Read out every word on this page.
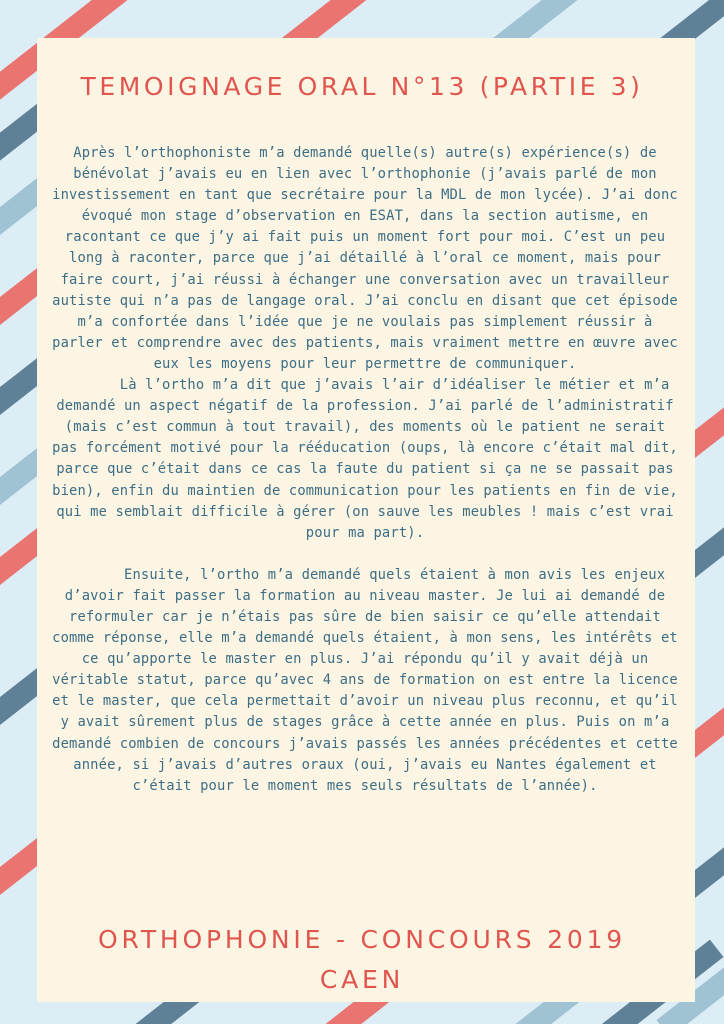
TEMOIGNAGE ORAL N°13 (PARTIE 3)

Après l’orthophoniste m’a demandé quelle(s) autre(s) expérience(s) de bénévolat j’avais eu en lien avec l’orthophonie (j’avais parlé de mon investissement en tant que secrétaire pour la MDL de mon lycée). J’ai donc évoqué mon stage d’observation en ESAT, dans la section autisme, en racontant ce que j’y ai fait puis un moment fort pour moi. C’est un peu long à raconter, parce que j’ai détaillé à l’oral ce moment, mais pour faire court, j’ai réussi à échanger une conversation avec un travailleur autiste qui n’a pas de langage oral. J’ai conclu en disant que cet épisode m’a confortée dans l’idée que je ne voulais pas simplement réussir à parler et comprendre avec des patients, mais vraiment mettre en œuvre avec eux les moyens pour leur permettre de communiquer.

Là l’ortho m’a dit que j’avais l’air d’idéaliser le métier et m’a demandé un aspect négatif de la profession. J’ai parlé de l’administratif (mais c’est commun à tout travail), des moments où le patient ne serait pas forcément motivé pour la rééducation (oups, là encore c’était mal dit, parce que c’était dans ce cas la faute du patient si ça ne se passait pas bien), enfin du maintien de communication pour les patients en fin de vie, qui me semblait difficile à gérer (on sauve les meubles ! mais c’est vrai pour ma part).

Ensuite, l’ortho m’a demandé quels étaient à mon avis les enjeux d’avoir fait passer la formation au niveau master. Je lui ai demandé de reformuler car je n’étais pas sûre de bien saisir ce qu’elle attendait comme réponse, elle m’a demandé quels étaient, à mon sens, les intérêts et ce qu’apporte le master en plus. J’ai répondu qu’il y avait déjà un véritable statut, parce qu’avec 4 ans de formation on est entre la licence et le master, que cela permettait d’avoir un niveau plus reconnu, et qu’il y avait sûrement plus de stages grâce à cette année en plus. Puis on m’a demandé combien de concours j’avais passés les années précédentes et cette année, si j’avais d’autres oraux (oui, j’avais eu Nantes également et c’était pour le moment mes seuls résultats de l’année).

ORTHOPHONIE - CONCOURS 2019
CAEN
